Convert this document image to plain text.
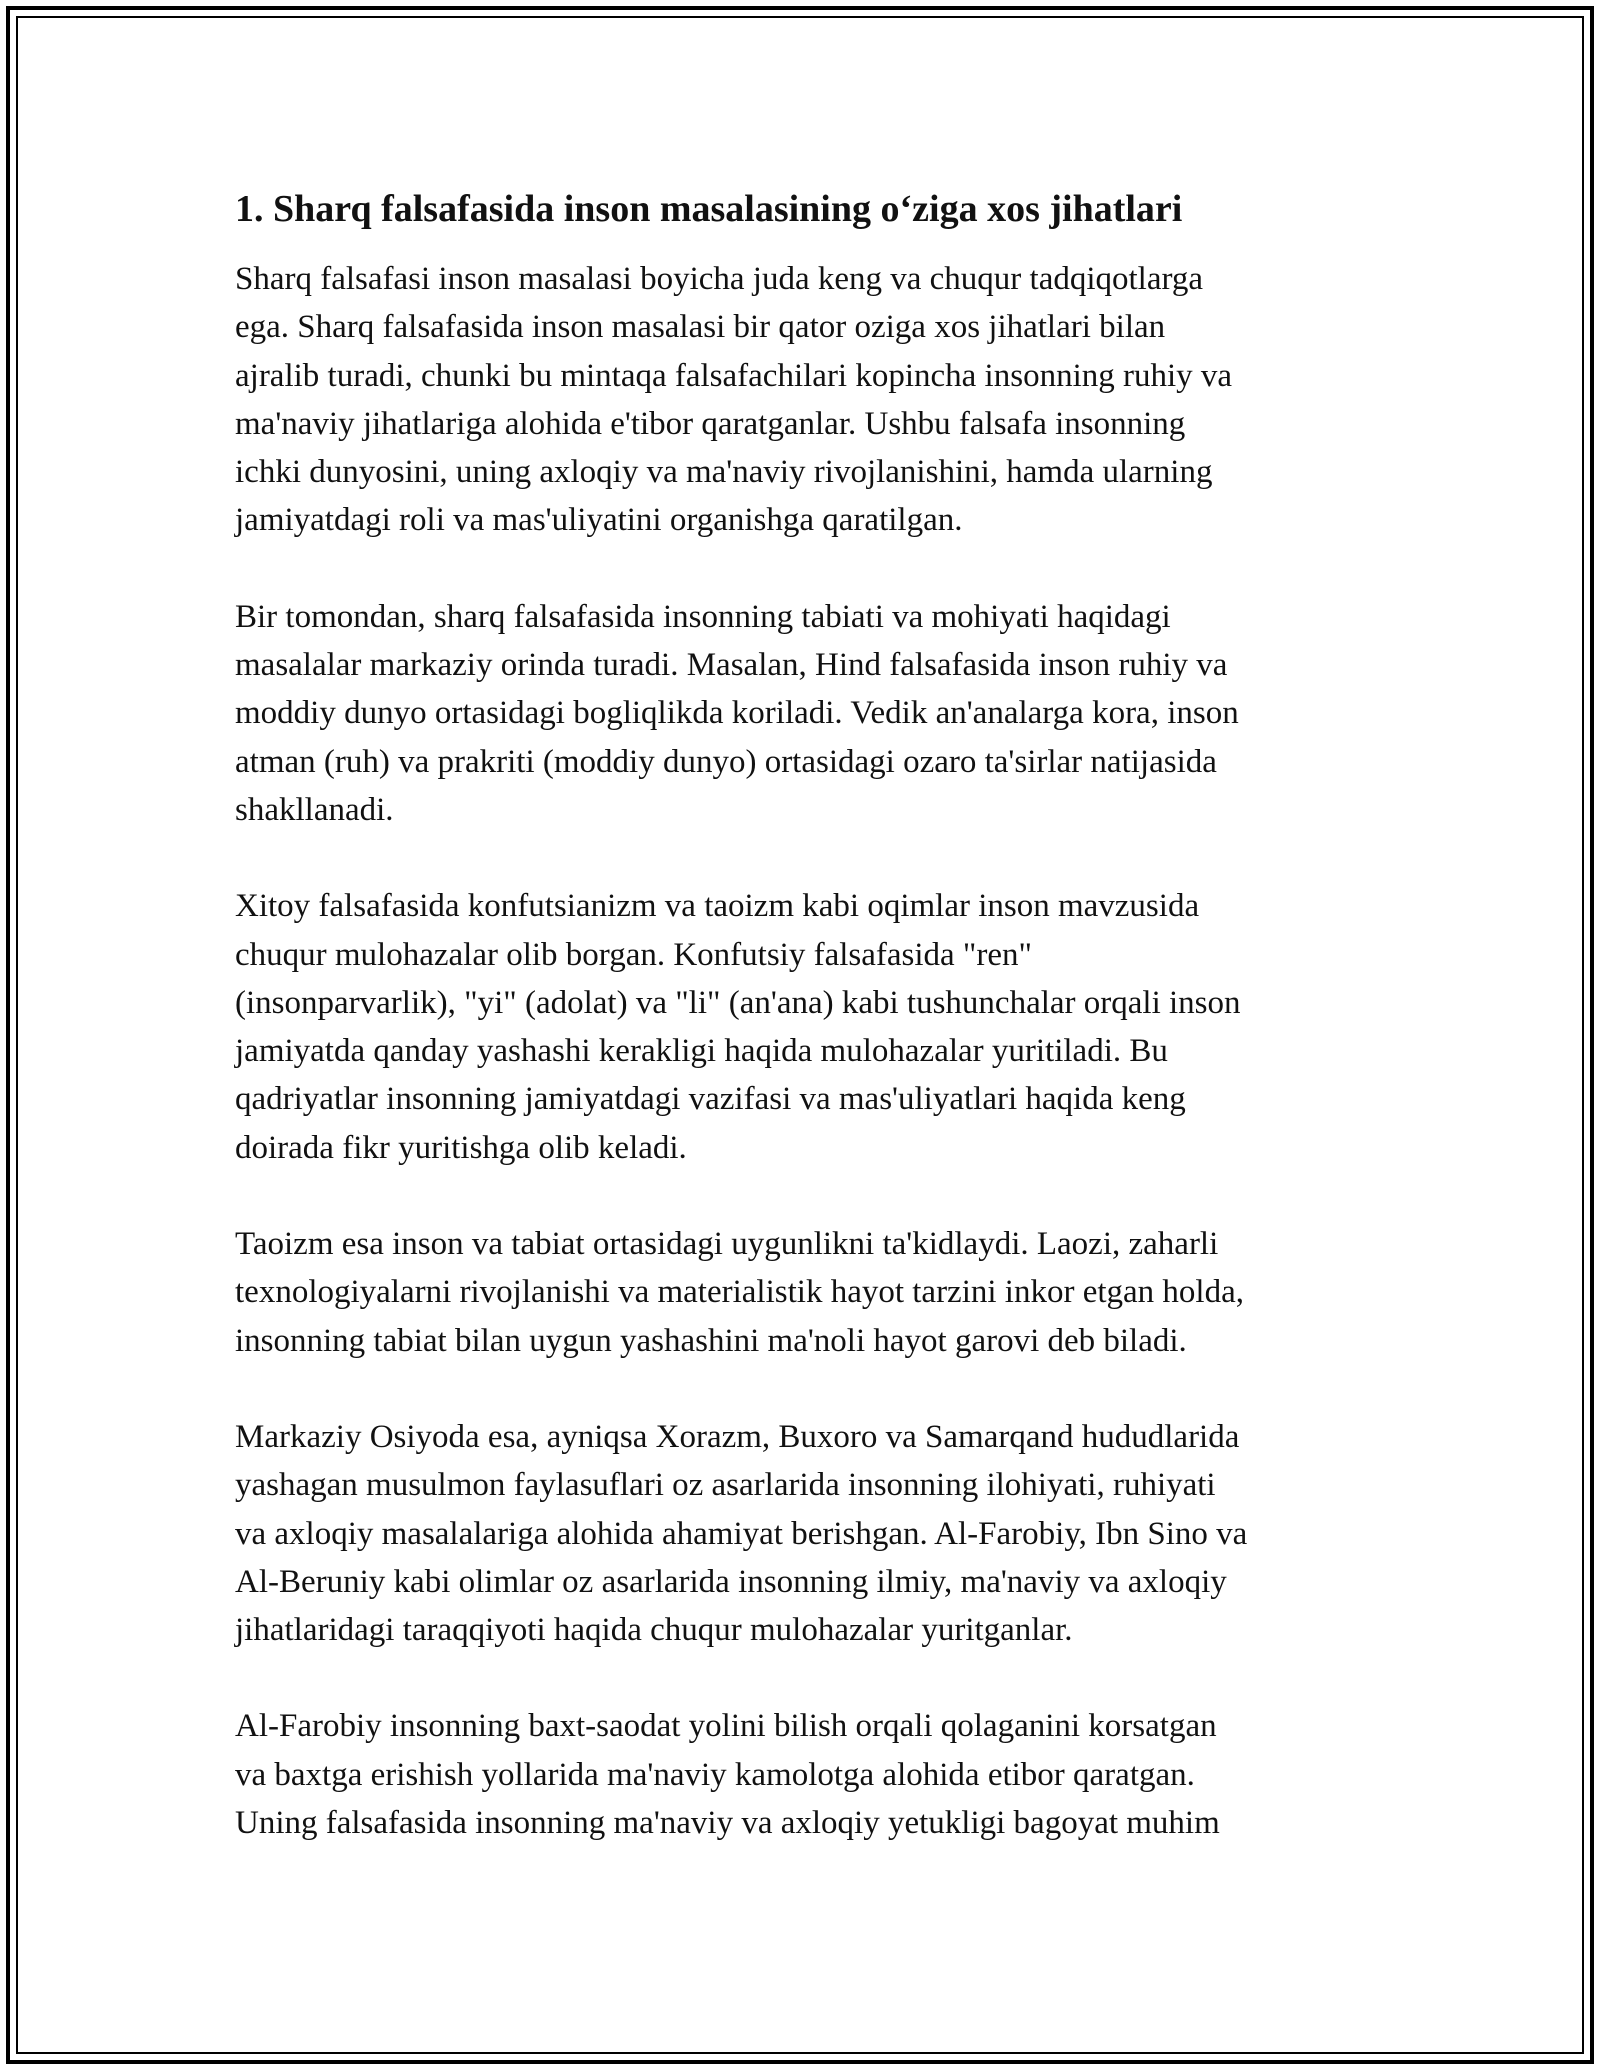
1. Sharq falsafasida inson masalasining o‘ziga xos jihatlari
Sharq falsafasi inson masalasi boyicha juda keng va chuqur tadqiqotlarga
ega. Sharq falsafasida inson masalasi bir qator oziga xos jihatlari bilan
ajralib turadi, chunki bu mintaqa falsafachilari kopincha insonning ruhiy va
ma'naviy jihatlariga alohida e'tibor qaratganlar. Ushbu falsafa insonning
ichki dunyosini, uning axloqiy va ma'naviy rivojlanishini, hamda ularning
jamiyatdagi roli va mas'uliyatini organishga qaratilgan.
Bir tomondan, sharq falsafasida insonning tabiati va mohiyati haqidagi
masalalar markaziy orinda turadi. Masalan, Hind falsafasida inson ruhiy va
moddiy dunyo ortasidagi bogliqlikda koriladi. Vedik an'analarga kora, inson
atman (ruh) va prakriti (moddiy dunyo) ortasidagi ozaro ta'sirlar natijasida
shakllanadi.
Xitoy falsafasida konfutsianizm va taoizm kabi oqimlar inson mavzusida
chuqur mulohazalar olib borgan. Konfutsiy falsafasida "ren"
(insonparvarlik), "yi" (adolat) va "li" (an'ana) kabi tushunchalar orqali inson
jamiyatda qanday yashashi kerakligi haqida mulohazalar yuritiladi. Bu
qadriyatlar insonning jamiyatdagi vazifasi va mas'uliyatlari haqida keng
doirada fikr yuritishga olib keladi.
Taoizm esa inson va tabiat ortasidagi uygunlikni ta'kidlaydi. Laozi, zaharli
texnologiyalarni rivojlanishi va materialistik hayot tarzini inkor etgan holda,
insonning tabiat bilan uygun yashashini ma'noli hayot garovi deb biladi.
Markaziy Osiyoda esa, ayniqsa Xorazm, Buxoro va Samarqand hududlarida
yashagan musulmon faylasuflari oz asarlarida insonning ilohiyati, ruhiyati
va axloqiy masalalariga alohida ahamiyat berishgan. Al-Farobiy, Ibn Sino va
Al-Beruniy kabi olimlar oz asarlarida insonning ilmiy, ma'naviy va axloqiy
jihatlaridagi taraqqiyoti haqida chuqur mulohazalar yuritganlar.
Al-Farobiy insonning baxt-saodat yolini bilish orqali qolaganini korsatgan
va baxtga erishish yollarida ma'naviy kamolotga alohida etibor qaratgan.
Uning falsafasida insonning ma'naviy va axloqiy yetukligi bagoyat muhim
